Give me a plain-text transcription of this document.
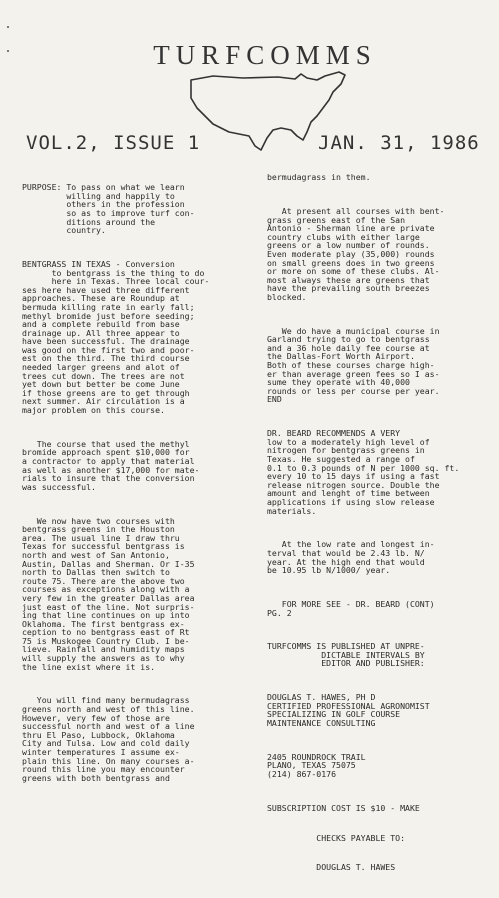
TURFCOMMS
VOL.2, ISSUE 1	JAN. 31, 1986

PURPOSE: To pass on what we learn
willing and happily to
others in the profession
so as to improve turf con-
ditions around the
country.

BENTGRASS IN TEXAS - Conversion
to bentgrass is the thing to do
here in Texas. Three local cour-
ses here have used three different
approaches. These are Roundup at
bermuda killing rate in early fall;
methyl bromide just before seeding;
and a complete rebuild from base
drainage up. All three appear to
have been successful. The drainage
was good on the first two and poor-
est on the third. The third course
needed larger greens and alot of
trees cut down. The trees are not
yet down but better be come June
if those greens are to get through
next summer. Air circulation is a
major problem on this course.

The course that used the methyl
bromide approach spent $10,000 for
a contractor to apply that material
as well as another $17,000 for mate-
rials to insure that the conversion
was successful.

We now have two courses with
bentgrass greens in the Houston
area. The usual line I draw thru
Texas for successful bentgrass is
north and west of San Antonio,
Austin, Dallas and Sherman. Or I-35
north to Dallas then switch to
route 75. There are the above two
courses as exceptions along with a
very few in the greater Dallas area
just east of the line. Not surpris-
ing that line continues on up into
Oklahoma. The first bentgrass ex-
ception to no bentgrass east of Rt
75 is Muskogee Country Club. I be-
lieve. Rainfall and humidity maps
will supply the answers as to why
the line exist where it is.

You will find many bermudagrass
greens north and west of this line.
However, very few of those are
successful north and west of a line
thru El Paso, Lubbock, Oklahoma
City and Tulsa. Low and cold daily
winter temperatures I assume ex-
plain this line. On many courses a-
round this line you may encounter
greens with both bentgrass and

bermudagrass in them.

At present all courses with bent-
grass greens east of the San
Antonio - Sherman line are private
country clubs with either large
greens or a low number of rounds.
Even moderate play (35,000) rounds
on small greens does in two greens
or more on some of these clubs. Al-
most always these are greens that
have the prevailing south breezes
blocked.

We do have a municipal course in
Garland trying to go to bentgrass
and a 36 hole daily fee course at
the Dallas-Fort Worth Airport.
Both of these courses charge high-
er than average green fees so I as-
sume they operate with 40,000
rounds or less per course per year.
END

DR. BEARD RECOMMENDS A VERY
low to a moderately high level of
nitrogen for bentgrass greens in
Texas. He suggested a range of
0.1 to 0.3 pounds of N per 1000 sq. ft.
every 10 to 15 days if using a fast
release nitrogen source. Double the
amount and lenght of time between
applications if using slow release
materials.

At the low rate and longest in-
terval that would be 2.43 lb. N/
year. At the high end that would
be 10.95 lb N/1000/ year.

FOR MORE SEE - DR. BEARD (CONT)
PG. 2

TURFCOMMS IS PUBLISHED AT UNPRE-
DICTABLE INTERVALS BY
EDITOR AND PUBLISHER:

DOUGLAS T. HAWES, PH D
CERTIFIED PROFESSIONAL AGRONOMIST
SPECIALIZING IN GOLF COURSE
MAINTENANCE CONSULTING

2405 ROUNDROCK TRAIL
PLANO, TEXAS 75075
(214) 867-0176

SUBSCRIPTION COST IS $10 - MAKE

CHECKS PAYABLE TO:

DOUGLAS T. HAWES
